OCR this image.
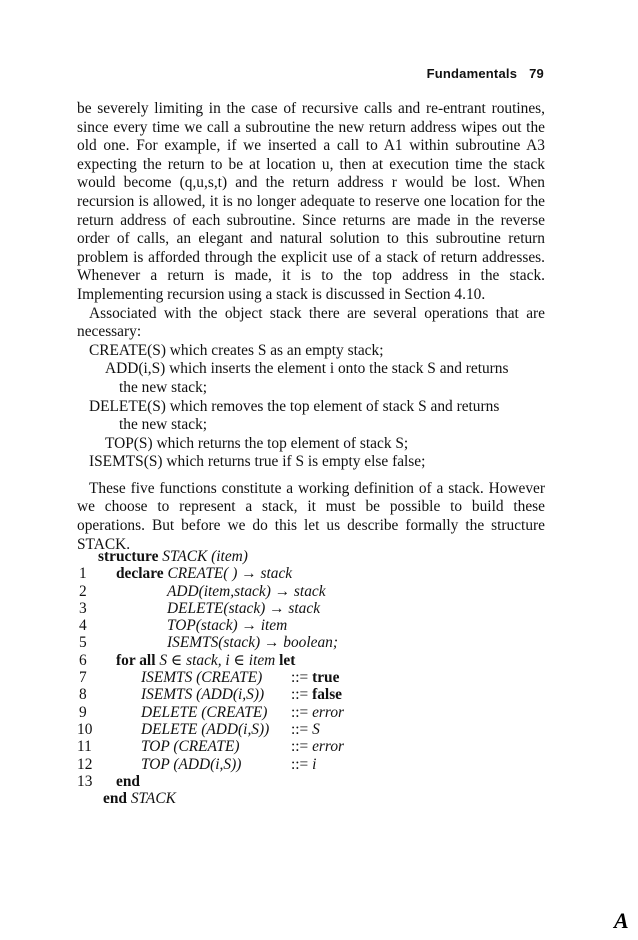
Fundamentals 79

be severely limiting in the case of recursive calls and re-entrant routines, since every time we call a subroutine the new return address wipes out the old one. For example, if we inserted a call to A1 within subroutine A3 expecting the return to be at location u, then at execution time the stack would become (q,u,s,t) and the return address r would be lost. When recursion is allowed, it is no longer adequate to reserve one location for the return address of each subroutine. Since returns are made in the reverse order of calls, an elegant and natural solution to this subroutine return problem is afforded through the explicit use of a stack of return addresses. Whenever a return is made, it is to the top address in the stack. Implementing recursion using a stack is discussed in Section 4.10.

Associated with the object stack there are several operations that are necessary:

CREATE(S) which creates S as an empty stack;
ADD(i,S) which inserts the element i onto the stack S and returns
the new stack;
DELETE(S) which removes the top element of stack S and returns
the new stack;
TOP(S) which returns the top element of stack S;
ISEMTS(S) which returns true if S is empty else false;

These five functions constitute a working definition of a stack. However we choose to represent a stack, it must be possible to build these operations. But before we do this let us describe formally the structure STACK.

structure STACK (item)
1	declare CREATE( ) → stack
2	ADD(item,stack) → stack
3	DELETE(stack) → stack
4	TOP(stack) → item
5	ISEMTS(stack) → boolean;
6	for all S ∈ stack, i ∈ item let
7	ISEMTS (CREATE) ::= true
8	ISEMTS (ADD(i,S)) ::= false
9	DELETE (CREATE) ::= error
10	DELETE (ADD(i,S)) ::= S
11	TOP (CREATE)	::= error
12	TOP (ADD(i,S))	::= i
13	end
end STACK
A
